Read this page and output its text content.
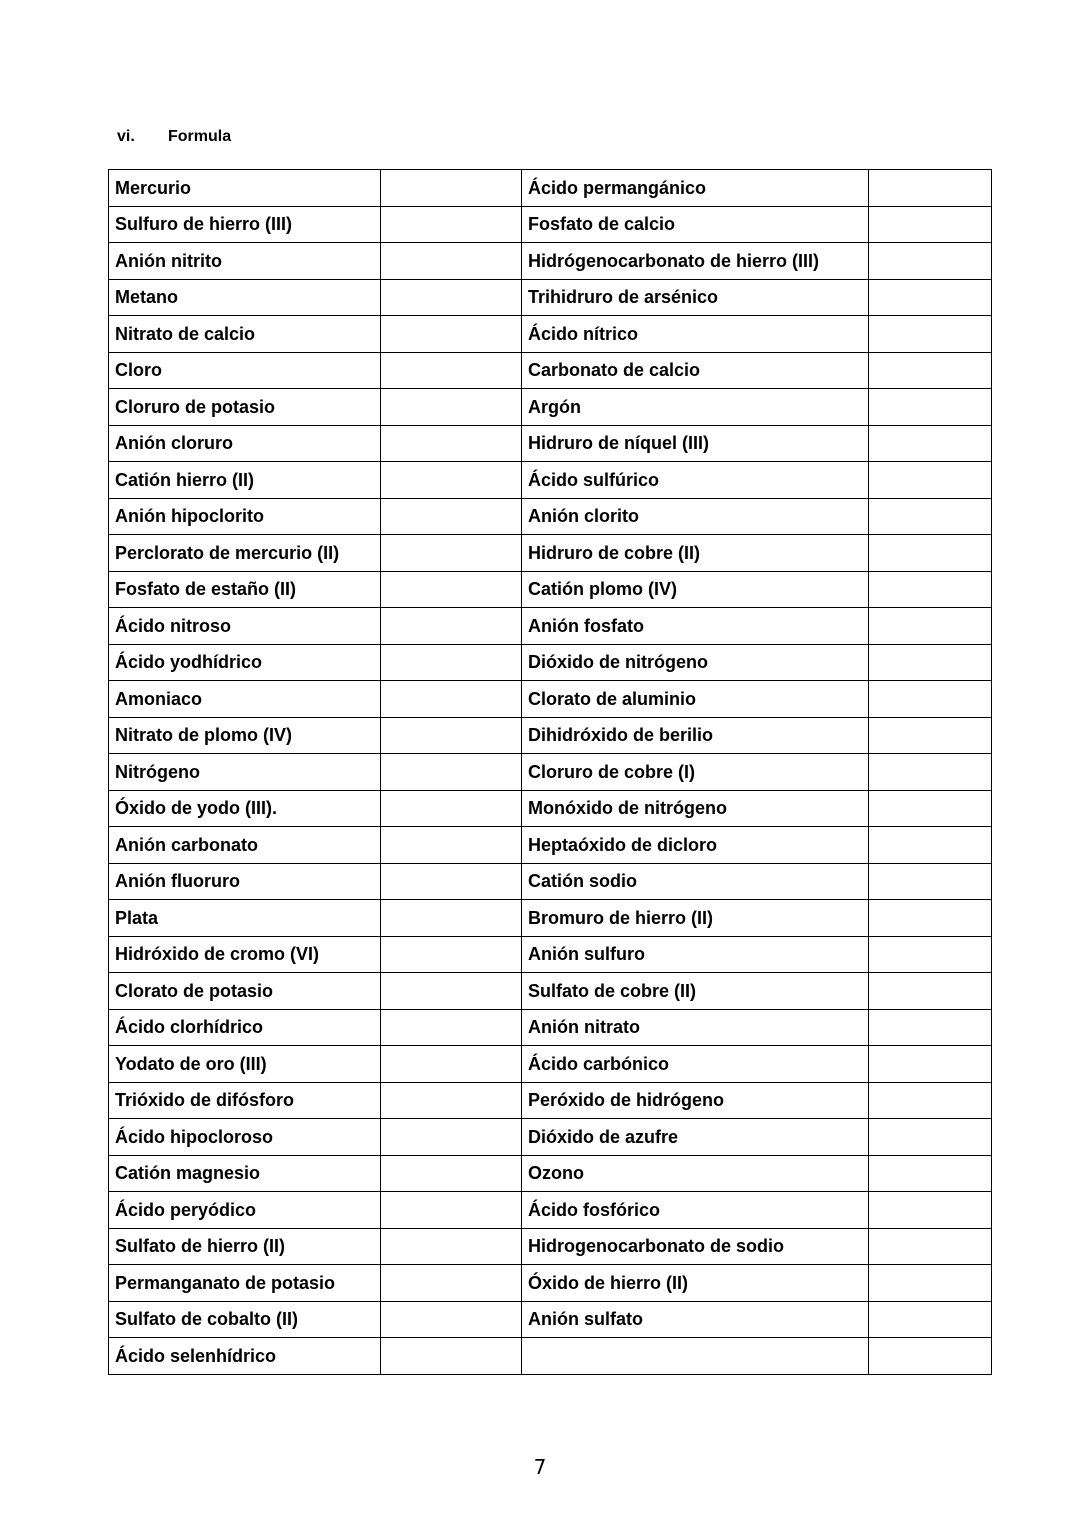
vi.	Formula
Mercurio		Ácido permangánico	
Sulfuro de hierro (III)		Fosfato de calcio	
Anión nitrito		Hidrógenocarbonato de hierro (III)	
Metano		Trihidruro de arsénico	
Nitrato de calcio		Ácido nítrico	
Cloro		Carbonato de calcio	
Cloruro de potasio		Argón	
Anión cloruro		Hidruro de níquel (III)	
Catión hierro (II)		Ácido sulfúrico	
Anión hipoclorito		Anión clorito	
Perclorato de mercurio (II)		Hidruro de cobre (II)	
Fosfato de estaño (II)		Catión plomo (IV)	
Ácido nitroso		Anión fosfato	
Ácido yodhídrico		Dióxido de nitrógeno	
Amoniaco		Clorato de aluminio	
Nitrato de plomo (IV)		Dihidróxido de berilio	
Nitrógeno		Cloruro de cobre (I)	
Óxido de yodo (III).		Monóxido de nitrógeno	
Anión carbonato		Heptaóxido de dicloro	
Anión fluoruro		Catión sodio	
Plata		Bromuro de hierro (II)	
Hidróxido de cromo (VI)		Anión sulfuro	
Clorato de potasio		Sulfato de cobre (II)	
Ácido clorhídrico		Anión nitrato	
Yodato de oro (III)		Ácido carbónico	
Trióxido de difósforo		Peróxido de hidrógeno	
Ácido hipocloroso		Dióxido de azufre	
Catión magnesio		Ozono	
Ácido peryódico		Ácido fosfórico	
Sulfato de hierro (II)		Hidrogenocarbonato de sodio	
Permanganato de potasio		Óxido de hierro (II)	
Sulfato de cobalto (II)		Anión sulfato	
Ácido selenhídrico			
7
